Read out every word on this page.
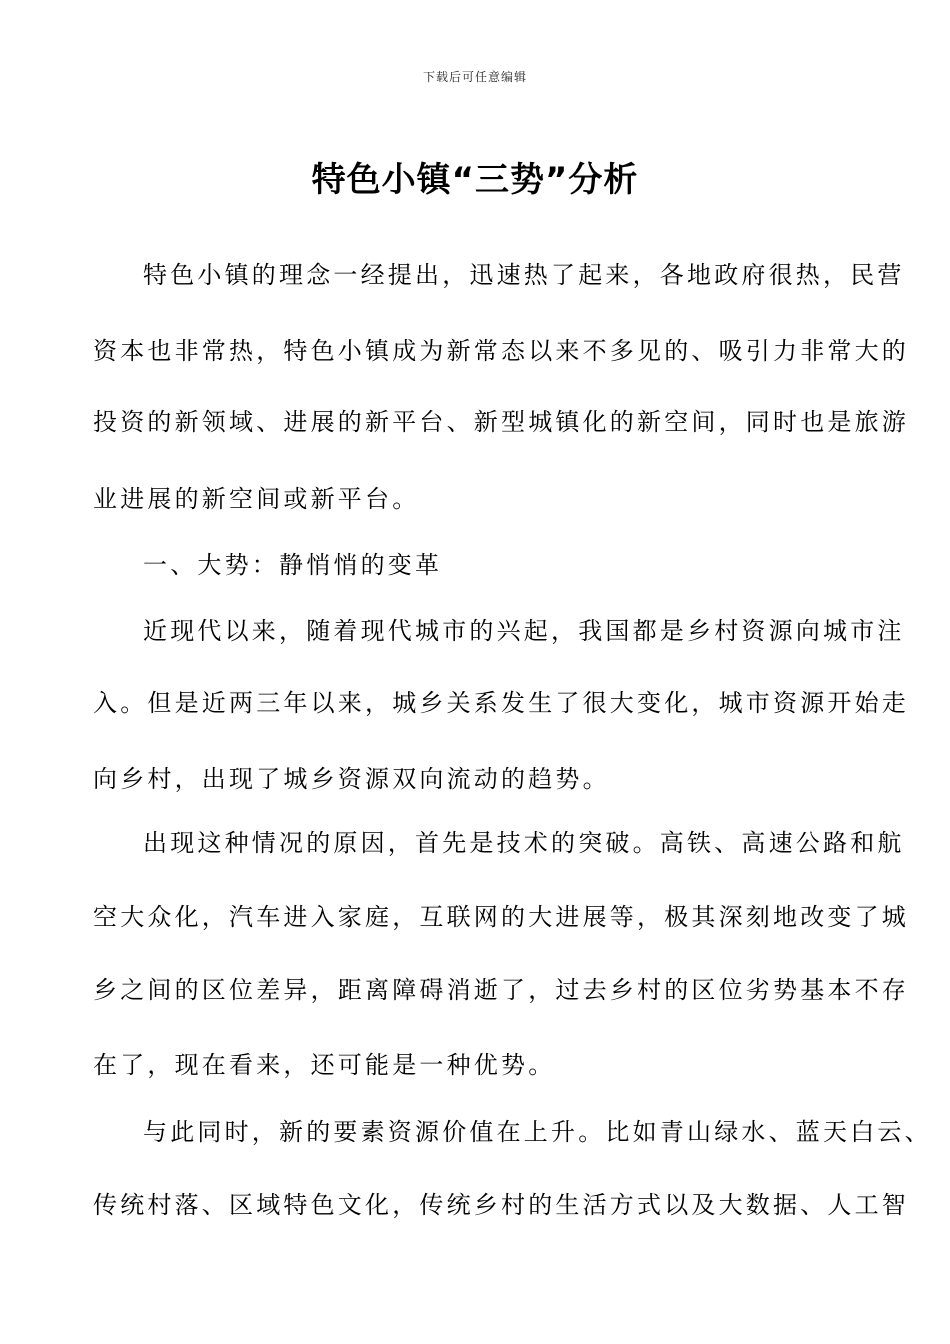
下载后可任意编辑
特色小镇“三势”分析
特色小镇的理念一经提出，迅速热了起来，各地政府很热，民营
资本也非常热，特色小镇成为新常态以来不多见的、吸引力非常大的
投资的新领域、进展的新平台、新型城镇化的新空间，同时也是旅游
业进展的新空间或新平台。
一、大势：静悄悄的变革
近现代以来，随着现代城市的兴起，我国都是乡村资源向城市注
入。但是近两三年以来，城乡关系发生了很大变化，城市资源开始走
向乡村，出现了城乡资源双向流动的趋势。
出现这种情况的原因，首先是技术的突破。高铁、高速公路和航
空大众化，汽车进入家庭，互联网的大进展等，极其深刻地改变了城
乡之间的区位差异，距离障碍消逝了，过去乡村的区位劣势基本不存
在了，现在看来，还可能是一种优势。
与此同时，新的要素资源价值在上升。比如青山绿水、蓝天白云、
传统村落、区域特色文化，传统乡村的生活方式以及大数据、人工智
